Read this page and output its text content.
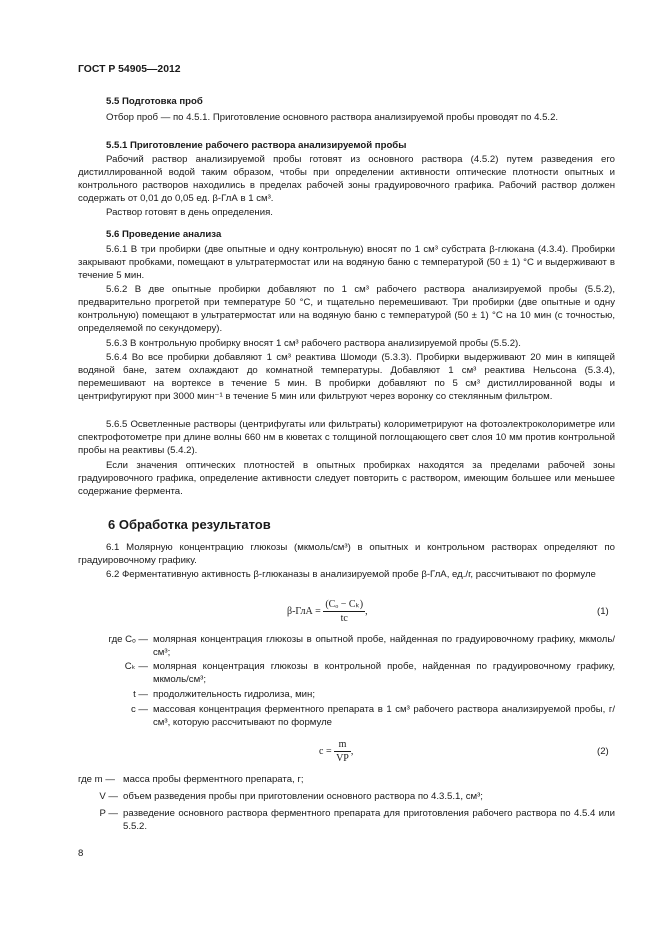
ГОСТ Р 54905—2012
5.5 Подготовка проб
Отбор проб — по 4.5.1. Приготовление основного раствора анализируемой пробы проводят по 4.5.2.
5.5.1 Приготовление рабочего раствора анализируемой пробы
Рабочий раствор анализируемой пробы готовят из основного раствора (4.5.2) путем разведения его дистиллированной водой таким образом, чтобы при определении активности оптические плотности опытных и контрольного растворов находились в пределах рабочей зоны градуировочного графика. Рабочий раствор должен содержать от 0,01 до 0,05 ед. β-ГлА в 1 см³.
Раствор готовят в день определения.
5.6 Проведение анализа
5.6.1 В три пробирки (две опытные и одну контрольную) вносят по 1 см³ субстрата β-глюкана (4.3.4). Пробирки закрывают пробками, помещают в ультратермостат или на водяную баню с температурой (50 ± 1) °С и выдерживают в течение 5 мин.
5.6.2 В две опытные пробирки добавляют по 1 см³ рабочего раствора анализируемой пробы (5.5.2), предварительно прогретой при температуре 50 °С, и тщательно перемешивают. Три пробирки (две опытные и одну контрольную) помещают в ультратермостат или на водяную баню с температурой (50 ± 1) °С на 10 мин (с точностью, определяемой по секундомеру).
5.6.3 В контрольную пробирку вносят 1 см³ рабочего раствора анализируемой пробы (5.5.2).
5.6.4 Во все пробирки добавляют 1 см³ реактива Шомоди (5.3.3). Пробирки выдерживают 20 мин в кипящей водяной бане, затем охлаждают до комнатной температуры. Добавляют 1 см³ реактива Нельсона (5.3.4), перемешивают на вортексе в течение 5 мин. В пробирки добавляют по 5 см³ дистиллированной воды и центрифугируют при 3000 мин⁻¹ в течение 5 мин или фильтруют через воронку со стеклянным фильтром.
5.6.5 Осветленные растворы (центрифугаты или фильтраты) колориметрируют на фотоэлектроколориметре или спектрофотометре при длине волны 660 нм в кюветах с толщиной поглощающего свет слоя 10 мм против контрольной пробы на реактивы (5.4.2).
Если значения оптических плотностей в опытных пробирках находятся за пределами рабочей зоны градуировочного графика, определение активности следует повторить с раствором, имеющим большее или меньшее содержание фермента.
6 Обработка результатов
6.1 Молярную концентрацию глюкозы (мкмоль/см³) в опытных и контрольном растворах определяют по градуировочному графику.
6.2 Ферментативную активность β-глюканазы в анализируемой пробе β-ГлА, ед./г, рассчитывают по формуле
$\beta-ГлА = \frac{\text{(Cₒ − Cₖ)}}{tc}$ ,	(1)
где Cₒ — молярная концентрация глюкозы в опытной пробе, найденная по градуировочному графику, мкмоль/см³;
Cₖ — молярная концентрация глюкозы в контрольной пробе, найденная по градуировочному графику, мкмоль/см³;
t — продолжительность гидролиза, мин;
c — массовая концентрация ферментного препарата в 1 см³ рабочего раствора анализируемой пробы, г/см³, которую рассчитывают по формуле
$c = \frac{m}{VP}$ ,	(2)
где m — масса пробы ферментного препарата, г;
V — объем разведения пробы при приготовлении основного раствора по 4.3.5.1, см³;
P — разведение основного раствора ферментного препарата для приготовления рабочего раствора по 4.5.4 или 5.5.2.
8
